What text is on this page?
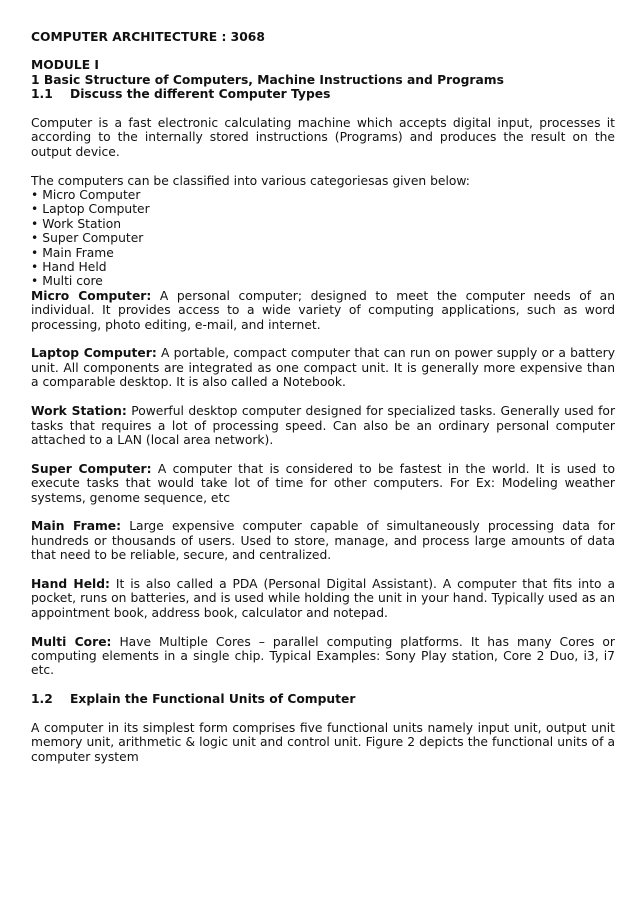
COMPUTER ARCHITECTURE : 3068

MODULE I

1 Basic Structure of Computers, Machine Instructions and Programs

1.1 Discuss the different Computer Types

Computer is a fast electronic calculating machine which accepts digital input, processes it according to the internally stored instructions (Programs) and produces the result on the output device.

The computers can be classified into various categoriesas given below:

• Micro Computer
• Laptop Computer
• Work Station
• Super Computer
• Main Frame
• Hand Held
• Multi core

Micro Computer: A personal computer; designed to meet the computer needs of an individual. It provides access to a wide variety of computing applications, such as word processing, photo editing, e-mail, and internet.

Laptop Computer: A portable, compact computer that can run on power supply or a battery unit. All components are integrated as one compact unit. It is generally more expensive than a comparable desktop. It is also called a Notebook.

Work Station: Powerful desktop computer designed for specialized tasks. Generally used for tasks that requires a lot of processing speed. Can also be an ordinary personal computer attached to a LAN (local area network).

Super Computer: A computer that is considered to be fastest in the world. It is used to execute tasks that would take lot of time for other computers. For Ex: Modeling weather systems, genome sequence, etc

Main Frame: Large expensive computer capable of simultaneously processing data for hundreds or thousands of users. Used to store, manage, and process large amounts of data that need to be reliable, secure, and centralized.

Hand Held: It is also called a PDA (Personal Digital Assistant). A computer that fits into a pocket, runs on batteries, and is used while holding the unit in your hand. Typically used as an appointment book, address book, calculator and notepad.

Multi Core: Have Multiple Cores – parallel computing platforms. It has many Cores or computing elements in a single chip. Typical Examples: Sony Play station, Core 2 Duo, i3, i7 etc.

1.2 Explain the Functional Units of Computer

A computer in its simplest form comprises five functional units namely input unit, output unit memory unit, arithmetic & logic unit and control unit. Figure 2 depicts the functional units of a computer system
